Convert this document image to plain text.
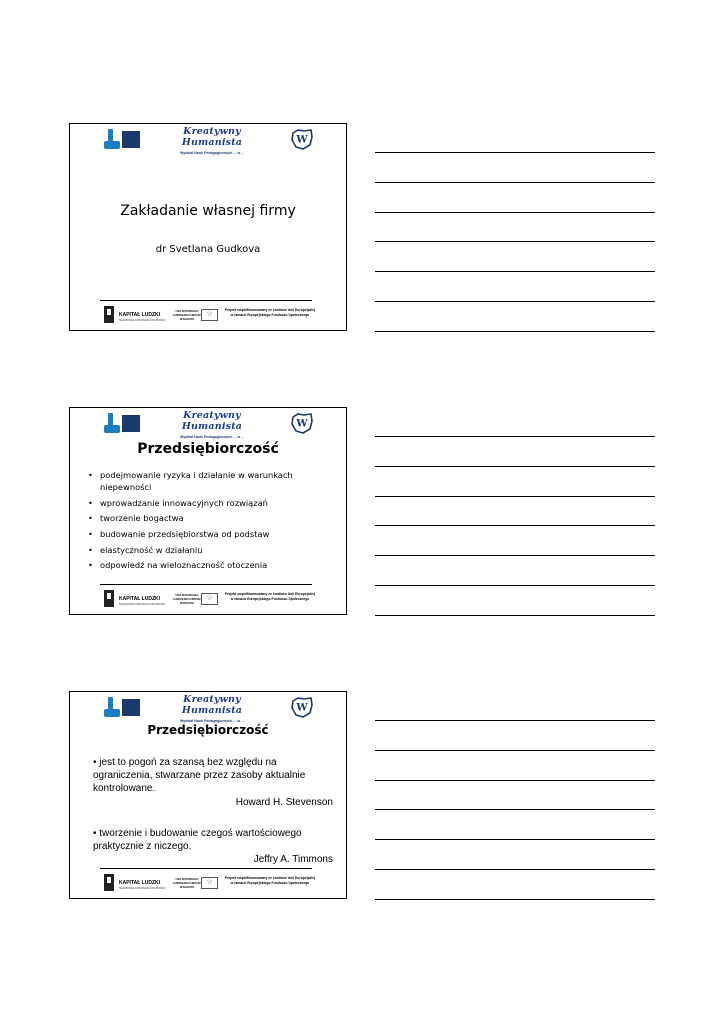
Kreatywny Humanista
Wydział Nauk Pedagogicznych ... w ...
W
Zakładanie własnej firmy
dr Svetlana Gudkova
KAPITAŁ LUDZKI
NARODOWA STRATEGIA SPÓJNOŚCI
UNIA EUROPEJSKA EUROPEJSKI FUNDUSZ SPOŁECZNY
☆
Projekt współfinansowany ze środków Unii Europejskiej w ramach Europejskiego Funduszu Społecznego
Kreatywny Humanista
Wydział Nauk Pedagogicznych ... w ...
W
Przedsiębiorczość
• podejmowanie ryzyka i działanie w warunkach niepewności
• wprowadzanie innowacyjnych rozwiązań
• tworzenie bogactwa
• budowanie przedsiębiorstwa od podstaw
• elastyczność w działaniu
• odpowiedź na wieloznaczność otoczenia
KAPITAŁ LUDZKI
NARODOWA STRATEGIA SPÓJNOŚCI
UNIA EUROPEJSKA EUROPEJSKI FUNDUSZ SPOŁECZNY
☆
Projekt współfinansowany ze środków Unii Europejskiej w ramach Europejskiego Funduszu Społecznego
Kreatywny Humanista
Wydział Nauk Pedagogicznych ... w ...
W
Przedsiębiorczość
• jest to pogoń za szansą bez względu na ograniczenia, stwarzane przez zasoby aktualnie kontrolowane.
Howard H. Stevenson
• tworzenie i budowanie czegoś wartościowego praktycznie z niczego.
Jeffry A. Timmons
KAPITAŁ LUDZKI
NARODOWA STRATEGIA SPÓJNOŚCI
UNIA EUROPEJSKA EUROPEJSKI FUNDUSZ SPOŁECZNY
☆
Projekt współfinansowany ze środków Unii Europejskiej w ramach Europejskiego Funduszu Społecznego
